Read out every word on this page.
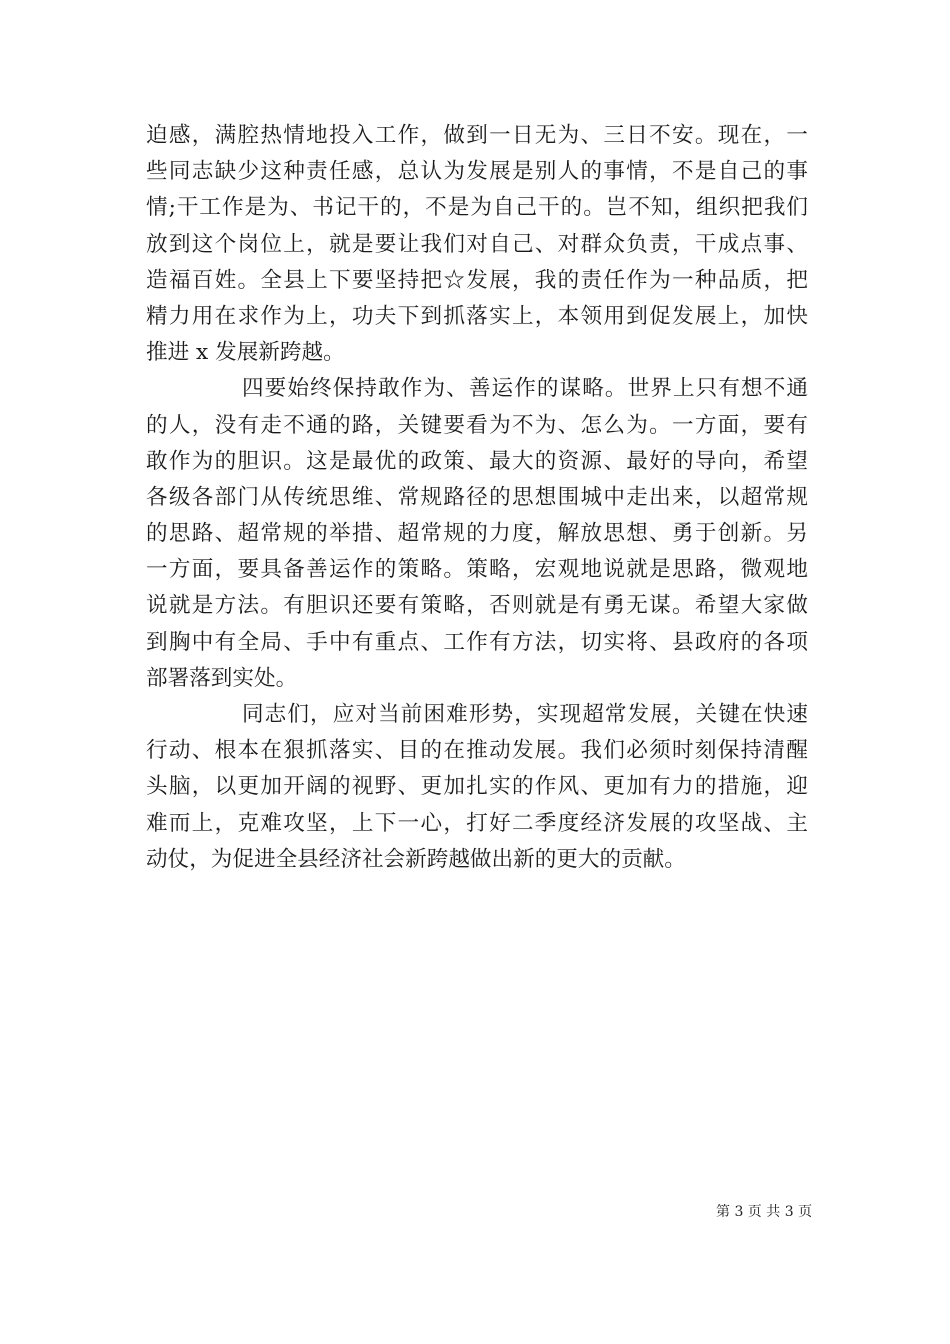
迫感，满腔热情地投入工作，做到一日无为、三日不安。现在，一
些同志缺少这种责任感，总认为发展是别人的事情，不是自己的事
情;干工作是为、书记干的，不是为自己干的。岂不知，组织把我们
放到这个岗位上，就是要让我们对自己、对群众负责，干成点事、
造福百姓。全县上下要坚持把☆发展，我的责任作为一种品质，把
精力用在求作为上，功夫下到抓落实上，本领用到促发展上，加快
推进 x 发展新跨越。
四要始终保持敢作为、善运作的谋略。世界上只有想不通
的人，没有走不通的路，关键要看为不为、怎么为。一方面，要有
敢作为的胆识。这是最优的政策、最大的资源、最好的导向，希望
各级各部门从传统思维、常规路径的思想围城中走出来，以超常规
的思路、超常规的举措、超常规的力度，解放思想、勇于创新。另
一方面，要具备善运作的策略。策略，宏观地说就是思路，微观地
说就是方法。有胆识还要有策略，否则就是有勇无谋。希望大家做
到胸中有全局、手中有重点、工作有方法，切实将、县政府的各项
部署落到实处。
同志们，应对当前困难形势，实现超常发展，关键在快速
行动、根本在狠抓落实、目的在推动发展。我们必须时刻保持清醒
头脑，以更加开阔的视野、更加扎实的作风、更加有力的措施，迎
难而上，克难攻坚，上下一心，打好二季度经济发展的攻坚战、主
动仗，为促进全县经济社会新跨越做出新的更大的贡献。
第 3 页 共 3 页
